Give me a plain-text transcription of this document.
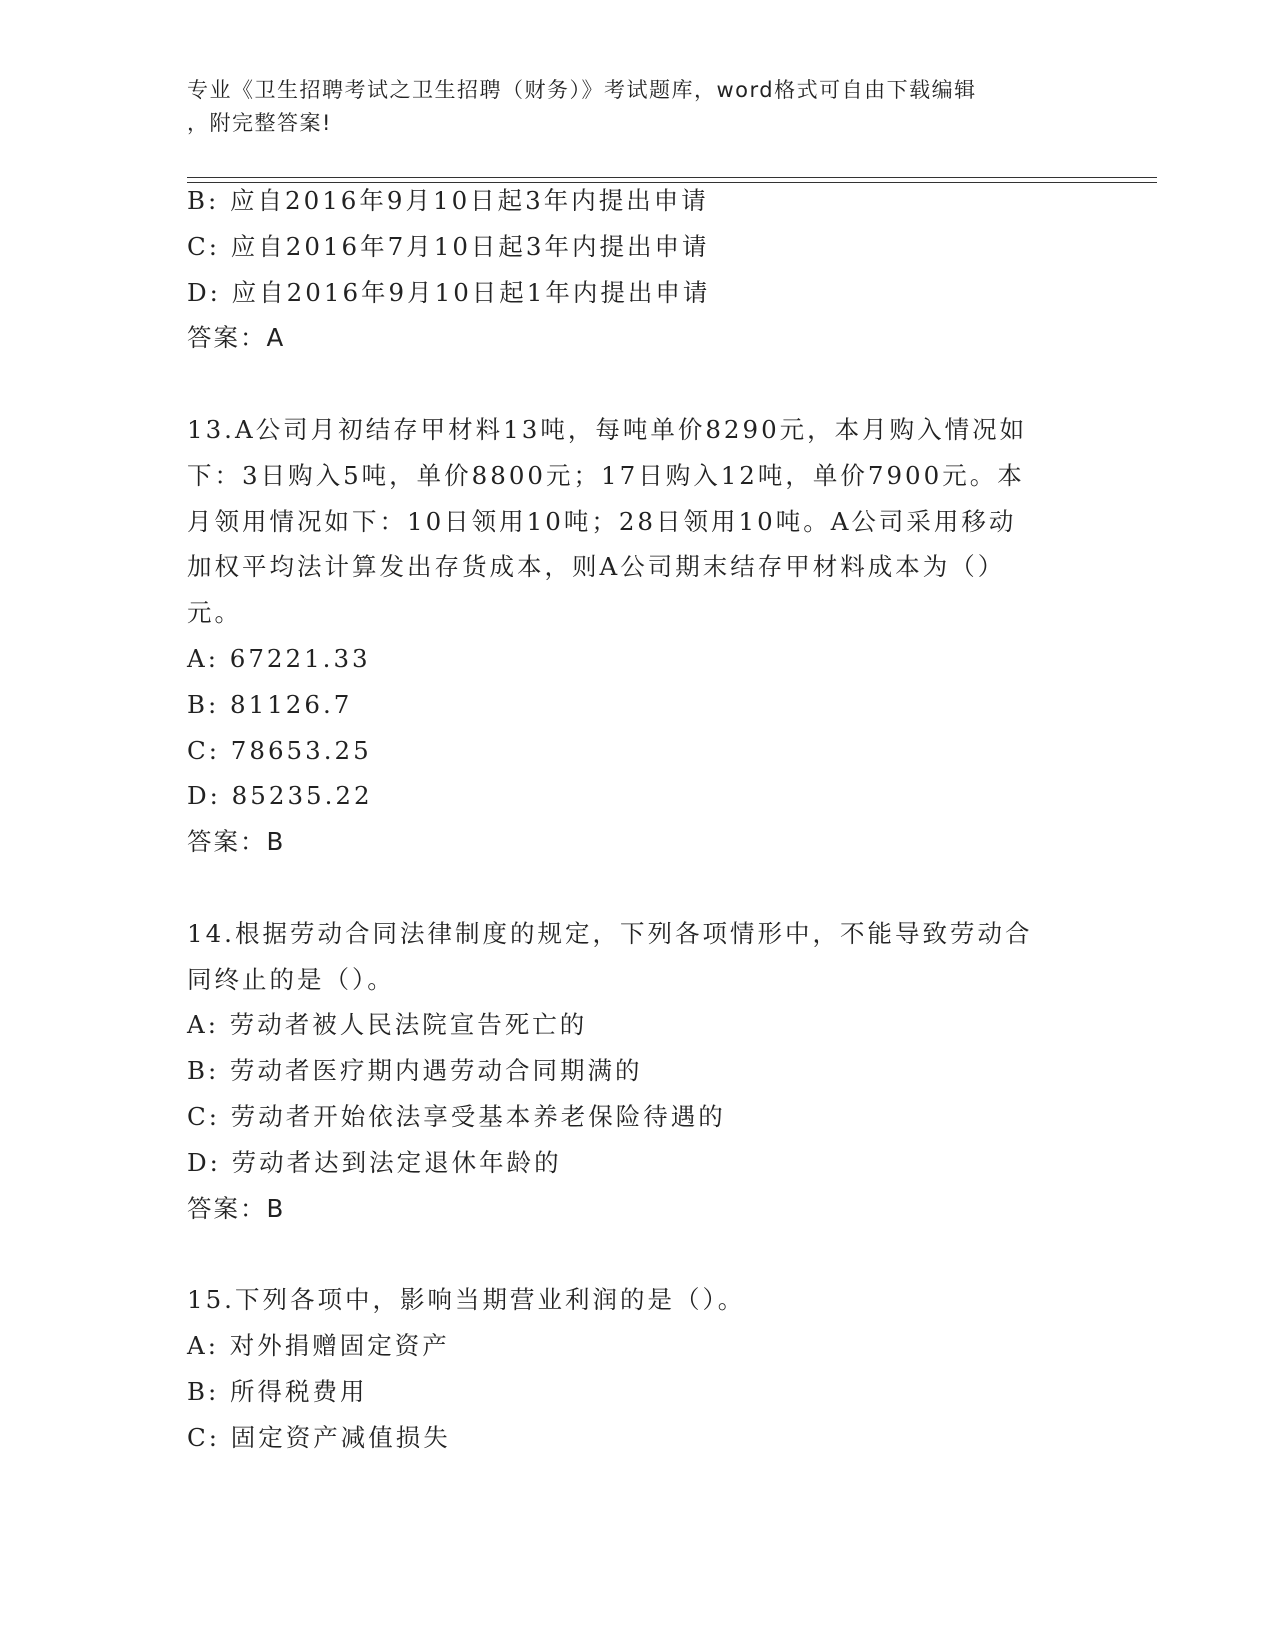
专业《卫生招聘考试之卫生招聘（财务）》考试题库，word格式可自由下载编辑
，附完整答案!
B: 应自2016年9月10日起3年内提出申请
C: 应自2016年7月10日起3年内提出申请
D: 应自2016年9月10日起1年内提出申请
答案：A
13.A公司月初结存甲材料13吨，每吨单价8290元，本月购入情况如
下：3日购入5吨，单价8800元；17日购入12吨，单价7900元。本
月领用情况如下：10日领用10吨；28日领用10吨。A公司采用移动
加权平均法计算发出存货成本，则A公司期末结存甲材料成本为（）
元。
A: 67221.33
B: 81126.7
C: 78653.25
D: 85235.22
答案：B
14.根据劳动合同法律制度的规定，下列各项情形中，不能导致劳动合
同终止的是（）。
A: 劳动者被人民法院宣告死亡的
B: 劳动者医疗期内遇劳动合同期满的
C: 劳动者开始依法享受基本养老保险待遇的
D: 劳动者达到法定退休年龄的
答案：B
15.下列各项中，影响当期营业利润的是（）。
A: 对外捐赠固定资产
B: 所得税费用
C: 固定资产减值损失
